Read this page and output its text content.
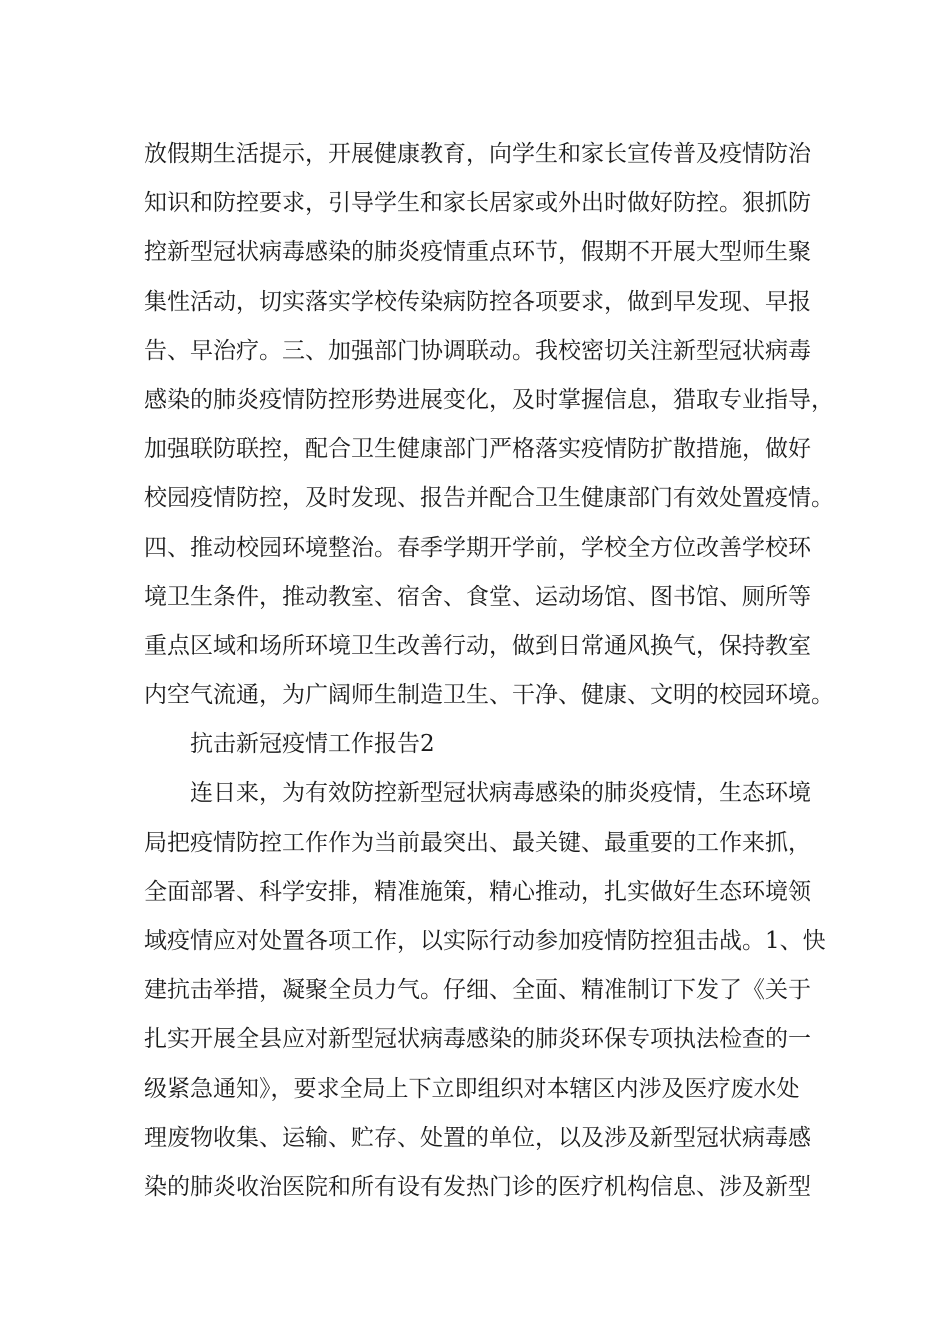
放假期生活提示，开展健康教育，向学生和家长宣传普及疫情防治
知识和防控要求，引导学生和家长居家或外出时做好防控。狠抓防
控新型冠状病毒感染的肺炎疫情重点环节，假期不开展大型师生聚
集性活动，切实落实学校传染病防控各项要求，做到早发现、早报
告、早治疗。三、加强部门协调联动。我校密切关注新型冠状病毒
感染的肺炎疫情防控形势进展变化，及时掌握信息，猎取专业指导，
加强联防联控，配合卫生健康部门严格落实疫情防扩散措施，做好
校园疫情防控，及时发现、报告并配合卫生健康部门有效处置疫情。
四、推动校园环境整治。春季学期开学前，学校全方位改善学校环
境卫生条件，推动教室、宿舍、食堂、运动场馆、图书馆、厕所等
重点区域和场所环境卫生改善行动，做到日常通风换气，保持教室
内空气流通，为广阔师生制造卫生、干净、健康、文明的校园环境。
抗击新冠疫情工作报告2
连日来，为有效防控新型冠状病毒感染的肺炎疫情，生态环境
局把疫情防控工作作为当前最突出、最关键、最重要的工作来抓，
全面部署、科学安排，精准施策，精心推动，扎实做好生态环境领
域疫情应对处置各项工作，以实际行动参加疫情防控狙击战。1、快
建抗击举措，凝聚全员力气。仔细、全面、精准制订下发了《关于
扎实开展全县应对新型冠状病毒感染的肺炎环保专项执法检查的一
级紧急通知》，要求全局上下立即组织对本辖区内涉及医疗废水处
理废物收集、运输、贮存、处置的单位，以及涉及新型冠状病毒感
染的肺炎收治医院和所有设有发热门诊的医疗机构信息、涉及新型
